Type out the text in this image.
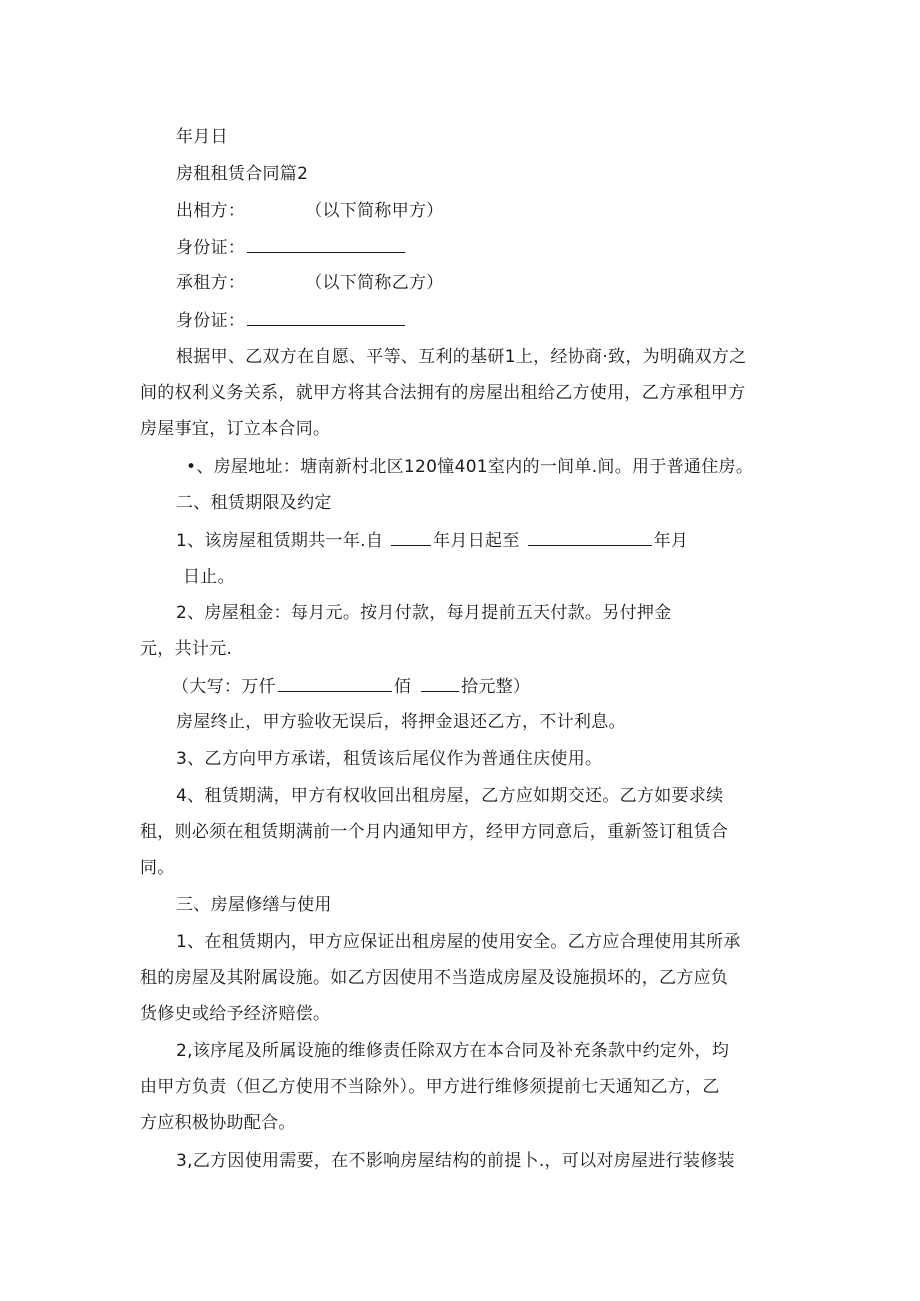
年月日
房租租赁合同篇2
出相方：	（以下简称甲方）
身份证：
承租方：	（以下简称乙方）
身份证：
根据甲、乙双方在自愿、平等、互利的基研1上，经协商·致，为明确双方之
间的权利义务关系，就甲方将其合法拥有的房屋出租给乙方使用，乙方承租甲方
房屋事宜，订立本合同。
•、房屋地址：塘南新村北区120憧401室内的一间单.间。用于普通住房。
二、租赁期限及约定
1、该房屋租赁期共一年.自	年月日起至	年月
日止。
2、房屋租金：每月元。按月付款，每月提前五天付款。另付押金
元，共计元.
（大写：万仟	佰	拾元整）
房屋终止，甲方验收无误后，将押金退还乙方，不计利息。
3、乙方向甲方承诺，租赁该后尾仪作为普通住庆使用。
4、租赁期满，甲方有权收回出租房屋，乙方应如期交还。乙方如要求续
租，则必须在租赁期满前一个月内通知甲方，经甲方同意后，重新签订租赁合
同。
三、房屋修缮与使用
1、在租赁期内，甲方应保证出租房屋的使用安全。乙方应合理使用其所承
租的房屋及其附属设施。如乙方因使用不当造成房屋及设施损坏的，乙方应负
货修史或给予经济赔偿。
2,该序尾及所属设施的维修责任除双方在本合同及补充条款中约定外，均
由甲方负责（但乙方使用不当除外）。甲方进行维修须提前七天通知乙方，乙
方应积极协助配合。
3,乙方因使用需要，在不影响房屋结构的前提卜.，可以对房屋进行装修装
